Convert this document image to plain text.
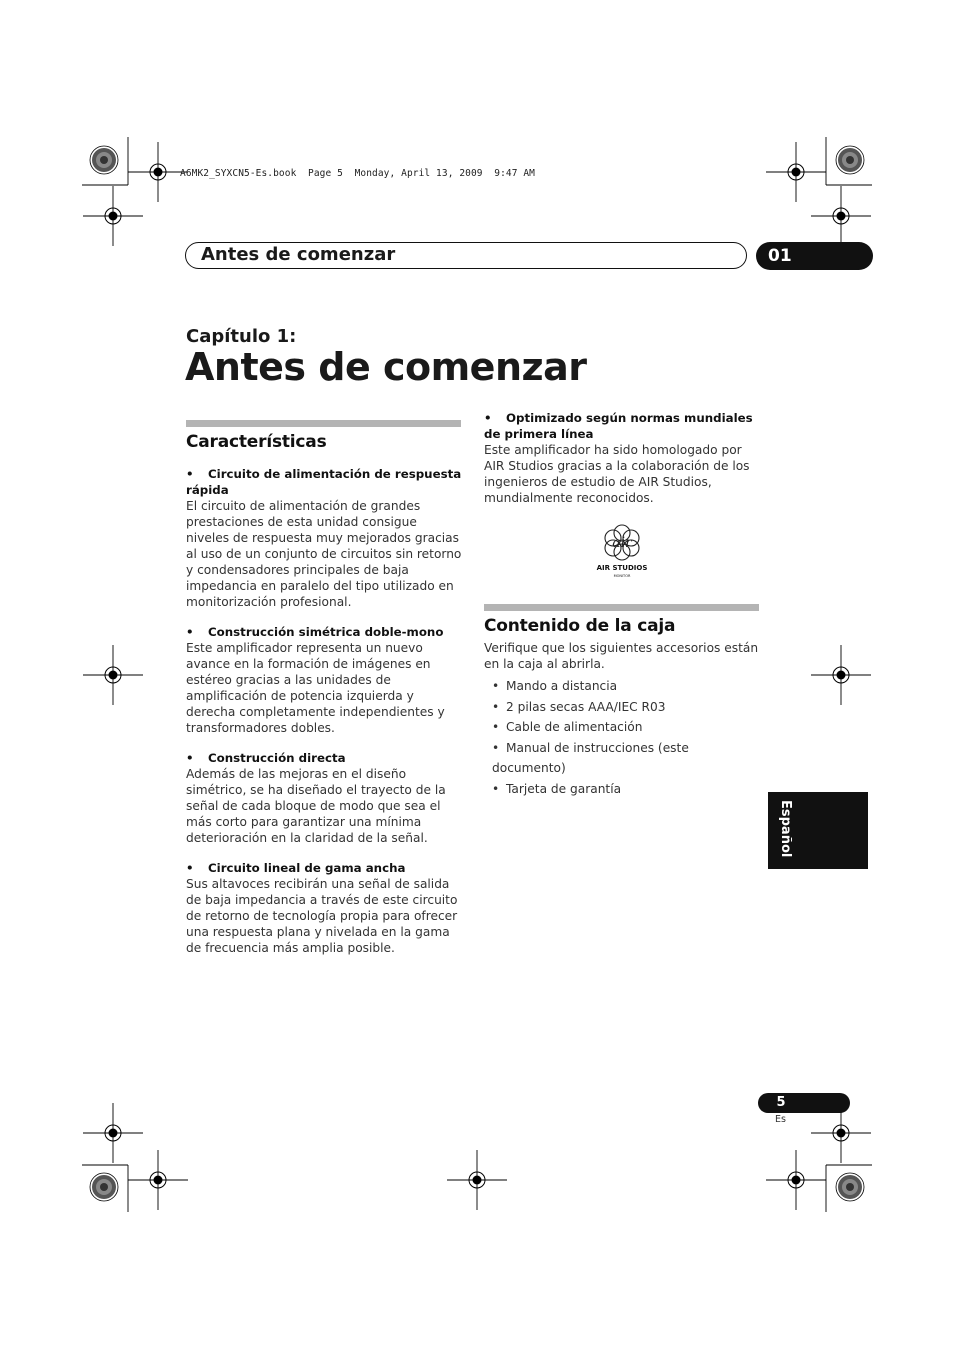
A6MK2_SYXCN5-Es.book  Page 5  Monday, April 13, 2009  9:47 AM
Antes de comenzar	01
Capítulo 1:
Antes de comenzar
Características
• Circuito de alimentación de respuesta rápida

El circuito de alimentación de grandes prestaciones de esta unidad consigue niveles de respuesta muy mejorados gracias al uso de un conjunto de circuitos sin retorno y condensadores principales de baja impedancia en paralelo del tipo utilizado en monitorización profesional.

• Construcción simétrica doble-mono

Este amplificador representa un nuevo avance en la formación de imágenes en estéreo gracias a las unidades de amplificación de potencia izquierda y derecha completamente independientes y transformadores dobles.

• Construcción directa

Además de las mejoras en el diseño simétrico, se ha diseñado el trayecto de la señal de cada bloque de modo que sea el más corto para garantizar una mínima deterioración en la claridad de la señal.

• Circuito lineal de gama ancha

Sus altavoces recibirán una señal de salida de baja impedancia a través de este circuito de retorno de tecnología propia para ofrecer una respuesta plana y nivelada en la gama de frecuencia más amplia posible.

• Optimizado según normas mundiales de primera línea

Este amplificador ha sido homologado por AIR Studios gracias a la colaboración de los ingenieros de estudio de AIR Studios, mundialmente reconocidos.

air
AIR STUDIOS
MONITOR
Contenido de la caja

Verifique que los siguientes accesorios están en la caja al abrirla.

• Mando a distancia
• 2 pilas secas AAA/IEC R03
• Cable de alimentación
• Manual de instrucciones (este documento)
• Tarjeta de garantía
Español
5
Es
